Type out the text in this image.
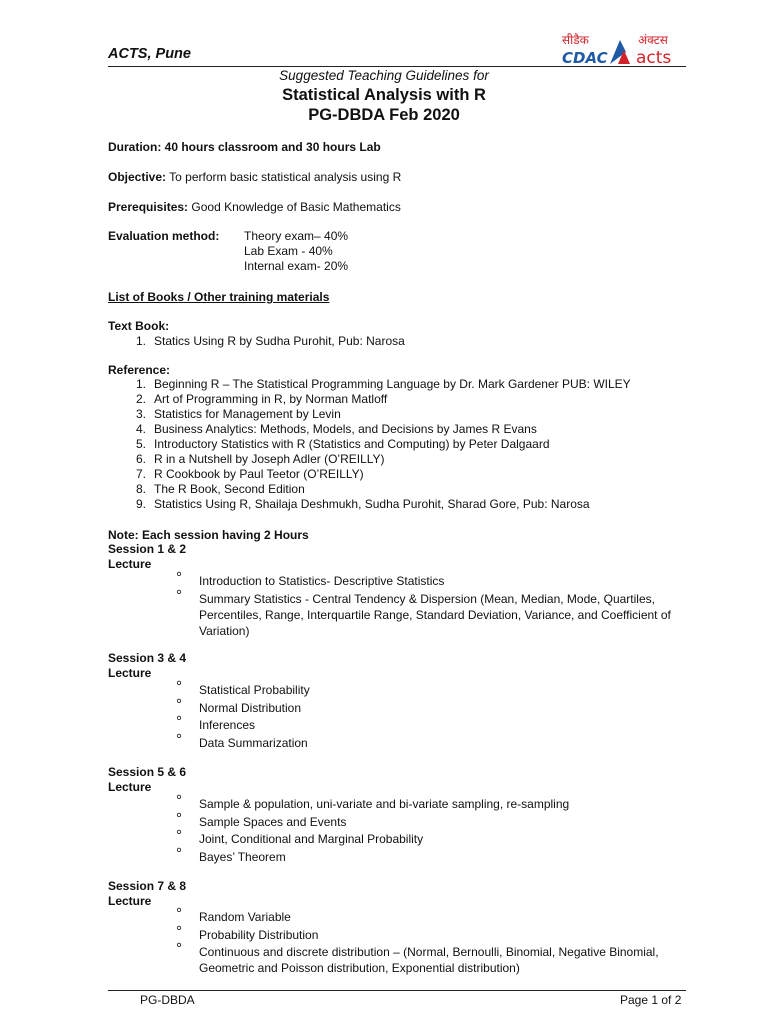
ACTS, Pune
सीडैक
CDAC
अंक्टस
acts
Suggested Teaching Guidelines for
Statistical Analysis with R
PG-DBDA Feb 2020
Duration: 40 hours classroom and 30 hours Lab
Objective: To perform basic statistical analysis using R
Prerequisites: Good Knowledge of Basic Mathematics
Evaluation method: Theory exam– 40%
Lab Exam - 40%
Internal exam- 20%
List of Books / Other training materials
Text Book:
1. Statics Using R by Sudha Purohit, Pub: Narosa
Reference:
1. Beginning R – The Statistical Programming Language by Dr. Mark Gardener PUB: WILEY
2. Art of Programming in R, by Norman Matloff
3. Statistics for Management by Levin
4. Business Analytics: Methods, Models, and Decisions by James R Evans
5. Introductory Statistics with R (Statistics and Computing) by Peter Dalgaard
6. R in a Nutshell by Joseph Adler (O’REILLY)
7. R Cookbook by Paul Teetor (O’REILLY)
8. The R Book, Second Edition
9. Statistics Using R, Shailaja Deshmukh, Sudha Purohit, Sharad Gore, Pub: Narosa
Note: Each session having 2 Hours
Session 1 & 2
Lecture
° Introduction to Statistics- Descriptive Statistics
° Summary Statistics - Central Tendency & Dispersion (Mean, Median, Mode, Quartiles, Percentiles, Range, Interquartile Range, Standard Deviation, Variance, and Coefficient of Variation)
Session 3 & 4
Lecture
° Statistical Probability
° Normal Distribution
° Inferences
° Data Summarization
Session 5 & 6
Lecture
° Sample & population, uni-variate and bi-variate sampling, re-sampling
° Sample Spaces and Events
° Joint, Conditional and Marginal Probability
° Bayes’ Theorem
Session 7 & 8
Lecture
° Random Variable
° Probability Distribution
° Continuous and discrete distribution – (Normal, Bernoulli, Binomial, Negative Binomial, Geometric and Poisson distribution, Exponential distribution)
PG-DBDA	Page 1 of 2
